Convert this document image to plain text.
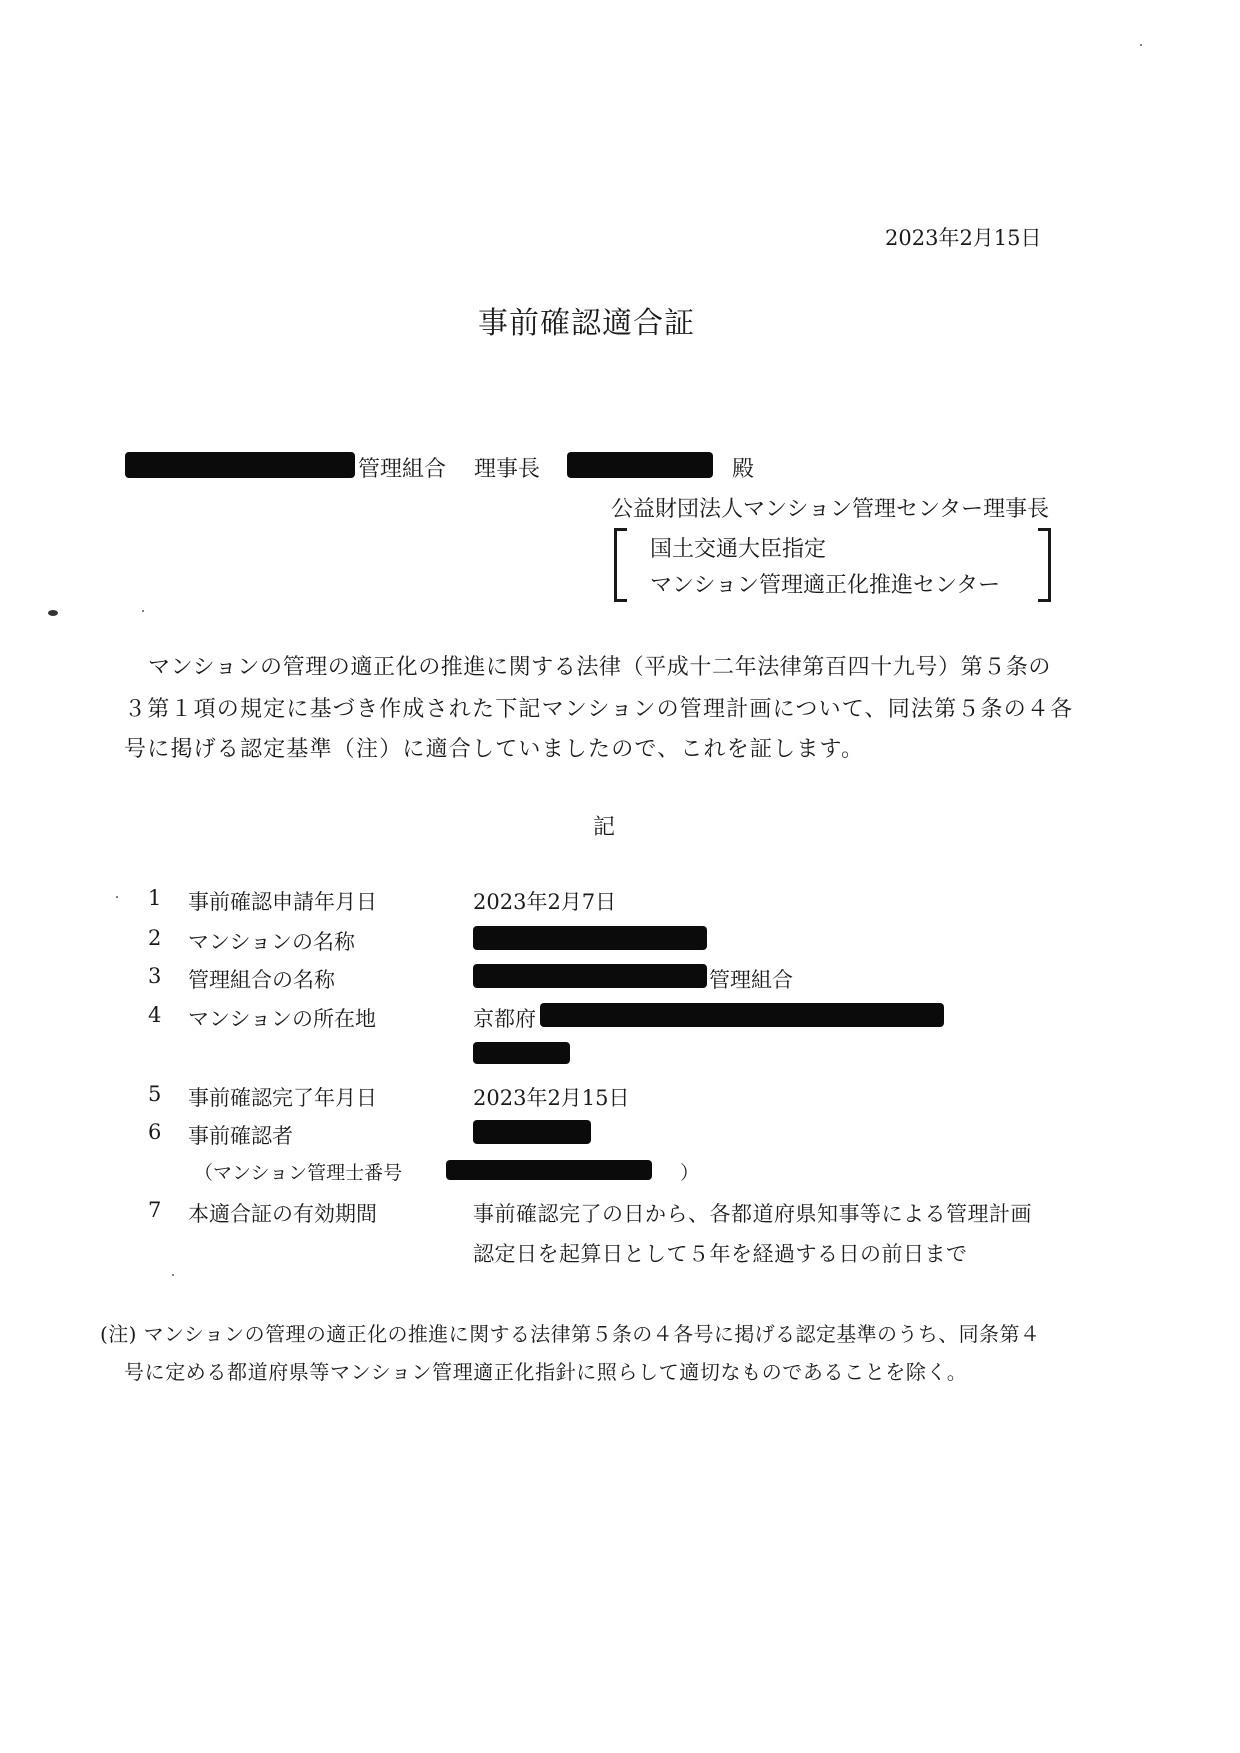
2023年2月15日
事前確認適合証
管理組合 理事長	殿
公益財団法人マンション管理センター理事長
国土交通大臣指定
マンション管理適正化推進センター
マンションの管理の適正化の推進に関する法律（平成十二年法律第百四十九号）第５条の
３第１項の規定に基づき作成された下記マンションの管理計画について、同法第５条の４各
号に掲げる認定基準（注）に適合していましたので、これを証します。
記
1 事前確認申請年月日	2023年2月7日
2 マンションの名称
3 管理組合の名称	管理組合
4 マンションの所在地	京都府
5 事前確認完了年月日	2023年2月15日
6 事前確認者
（マンション管理士番号	）
7 本適合証の有効期間	事前確認完了の日から、各都道府県知事等による管理計画
認定日を起算日として５年を経過する日の前日まで
(注) マンションの管理の適正化の推進に関する法律第５条の４各号に掲げる認定基準のうち、同条第４
号に定める都道府県等マンション管理適正化指針に照らして適切なものであることを除く。
